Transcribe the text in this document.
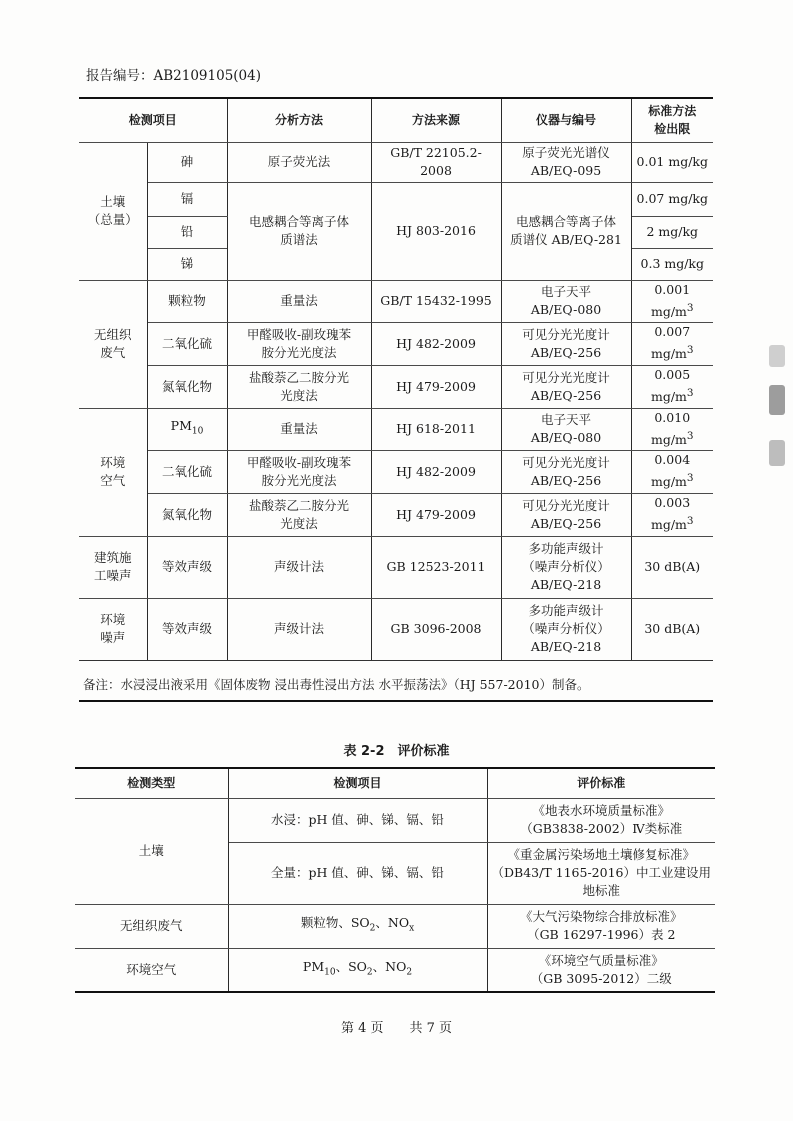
报告编号：AB2109105(04)
检测项目		分析方法	方法来源	仪器与编号	标准方法
检出限
土壤
（总量）	砷	原子荧光法	GB/T 22105.2-2008	原子荧光光谱仪
AB/EQ-095	0.01 mg/kg
	镉	电感耦合等离子体
质谱法	HJ 803-2016	电感耦合等离子体
质谱仪 AB/EQ-281	0.07 mg/kg
	铅				2 mg/kg
	锑				0.3 mg/kg
无组织
废气	颗粒物	重量法	GB/T 15432-1995	电子天平
AB/EQ-080	0.001 $mg/m^3$
	二氧化硫	甲醛吸收-副玫瑰苯
胺分光光度法	HJ 482-2009	可见分光光度计
AB/EQ-256	0.007 $mg/m^3$
	氮氧化物	盐酸萘乙二胺分光
光度法	HJ 479-2009	可见分光光度计
AB/EQ-256	0.005 $mg/m^3$
环境
空气	$PM_{10}$	重量法	HJ 618-2011	电子天平
AB/EQ-080	0.010 $mg/m^3$
	二氧化硫	甲醛吸收-副玫瑰苯
胺分光光度法	HJ 482-2009	可见分光光度计
AB/EQ-256	0.004 $mg/m^3$
	氮氧化物	盐酸萘乙二胺分光
光度法	HJ 479-2009	可见分光光度计
AB/EQ-256	0.003 $mg/m^3$
建筑施
工噪声	等效声级	声级计法	GB 12523-2011	多功能声级计
（噪声分析仪）
AB/EQ-218	30 dB(A)
环境
噪声	等效声级	声级计法	GB 3096-2008	多功能声级计
（噪声分析仪）
AB/EQ-218	30 dB(A)
备注：水浸浸出液采用《固体废物 浸出毒性浸出方法 水平振荡法》（HJ 557-2010）制备。
表 2-2　评价标准
检测类型	检测项目	评价标准
土壤	水浸：pH 值、砷、锑、镉、铅	《地表水环境质量标准》
（GB3838-2002）Ⅳ类标准
	全量：pH 值、砷、锑、镉、铅	《重金属污染场地土壤修复标准》
（DB43/T 1165-2016）中工业建设用
地标准
无组织废气	颗粒物、$SO_2$、$NO_x$	《大气污染物综合排放标准》
（GB 16297-1996）表 2
环境空气	$PM_{10}$、$SO_2$、$NO_2$	《环境空气质量标准》
（GB 3095-2012）二级
第 4 页　　共 7 页
